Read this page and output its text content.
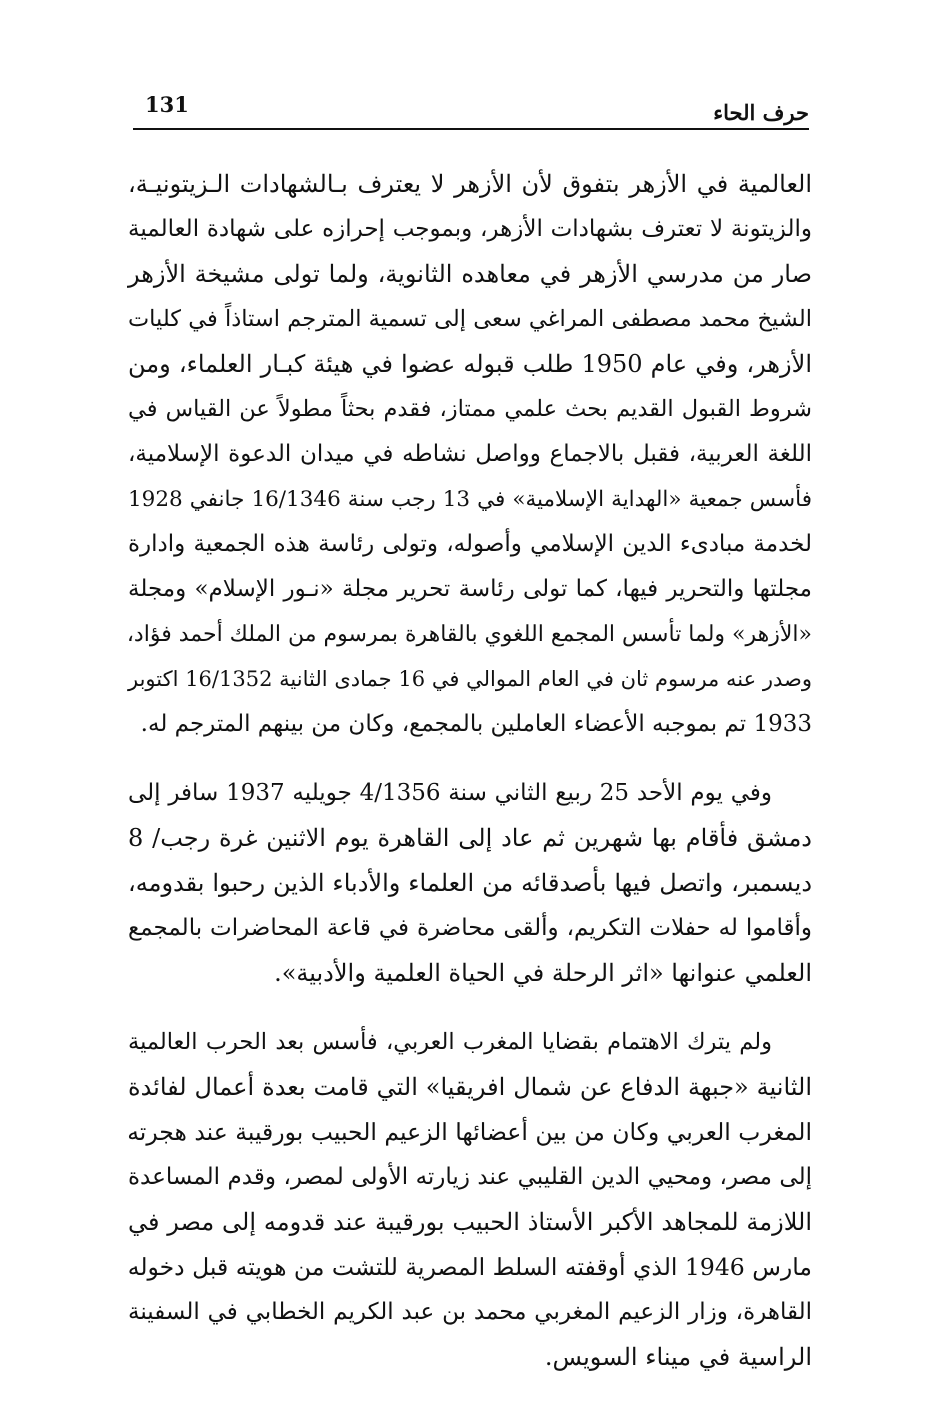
131	حرف الحاء
العالمية في الأزهر بتفوق لأن الأزهر لا يعترف بـالشهادات الـزيتونيـة،
والزيتونة لا تعترف بشهادات الأزهر، وبموجب إحرازه على شهادة العالمية
صار من مدرسي الأزهر في معاهده الثانوية، ولما تولى مشيخة الأزهر
الشيخ محمد مصطفى المراغي سعى إلى تسمية المترجم استاذاً في كليات
الأزهر، وفي عام 1950 طلب قبوله عضوا في هيئة كبـار العلماء، ومن
شروط القبول القديم بحث علمي ممتاز، فقدم بحثاً مطولاً عن القياس في
اللغة العربية، فقبل بالاجماع وواصل نشاطه في ميدان الدعوة الإسلامية،
فأسس جمعية «الهداية الإسلامية» في 13 رجب سنة 16/1346 جانفي 1928
لخدمة مبادىء الدين الإسلامي وأصوله، وتولى رئاسة هذه الجمعية وادارة
مجلتها والتحرير فيها، كما تولى رئاسة تحرير مجلة «نـور الإسلام» ومجلة
«الأزهر» ولما تأسس المجمع اللغوي بالقاهرة بمرسوم من الملك أحمد فؤاد،
وصدر عنه مرسوم ثان في العام الموالي في 16 جمادى الثانية 16/1352 اكتوبر
1933 تم بموجبه الأعضاء العاملين بالمجمع، وكان من بينهم المترجم له.
وفي يوم الأحد 25 ربيع الثاني سنة 4/1356 جويليه 1937 سافر إلى
دمشق فأقام بها شهرين ثم عاد إلى القاهرة يوم الاثنين غرة رجب/ 8
ديسمبر، واتصل فيها بأصدقائه من العلماء والأدباء الذين رحبوا بقدومه،
وأقاموا له حفلات التكريم، وألقى محاضرة في قاعة المحاضرات بالمجمع
العلمي عنوانها «اثر الرحلة في الحياة العلمية والأدبية».
ولم يترك الاهتمام بقضايا المغرب العربي، فأسس بعد الحرب العالمية
الثانية «جبهة الدفاع عن شمال افريقيا» التي قامت بعدة أعمال لفائدة
المغرب العربي وكان من بين أعضائها الزعيم الحبيب بورقيبة عند هجرته
إلى مصر، ومحيي الدين القليبي عند زيارته الأولى لمصر، وقدم المساعدة
اللازمة للمجاهد الأكبر الأستاذ الحبيب بورقيبة عند قدومه إلى مصر في
مارس 1946 الذي أوقفته السلط المصرية للتشت من هويته قبل دخوله
القاهرة، وزار الزعيم المغربي محمد بن عبد الكريم الخطابي في السفينة
الراسية في ميناء السويس.
